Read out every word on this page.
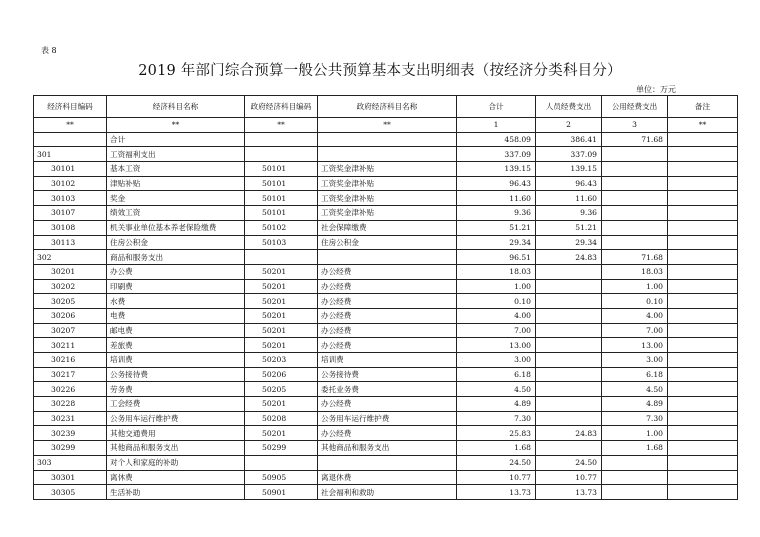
表 8
2019 年部门综合预算一般公共预算基本支出明细表（按经济分类科目分）
单位：万元
经济科目编码	经济科目名称	政府经济科目编码	政府经济科目名称	合计	人员经费支出	公用经费支出	备注
**	**	**	**	1	2	3	**
	合计			458.09	386.41	71.68	
301	工资福利支出			337.09	337.09		
30101	基本工资	50101	工资奖金津补贴	139.15	139.15		
30102	津贴补贴	50101	工资奖金津补贴	96.43	96.43		
30103	奖金	50101	工资奖金津补贴	11.60	11.60		
30107	绩效工资	50101	工资奖金津补贴	9.36	9.36		
30108	机关事业单位基本养老保险缴费	50102	社会保障缴费	51.21	51.21		
30113	住房公积金	50103	住房公积金	29.34	29.34		
302	商品和服务支出			96.51	24.83	71.68	
30201	办公费	50201	办公经费	18.03		18.03	
30202	印刷费	50201	办公经费	1.00		1.00	
30205	水费	50201	办公经费	0.10		0.10	
30206	电费	50201	办公经费	4.00		4.00	
30207	邮电费	50201	办公经费	7.00		7.00	
30211	差旅费	50201	办公经费	13.00		13.00	
30216	培训费	50203	培训费	3.00		3.00	
30217	公务接待费	50206	公务接待费	6.18		6.18	
30226	劳务费	50205	委托业务费	4.50		4.50	
30228	工会经费	50201	办公经费	4.89		4.89	
30231	公务用车运行维护费	50208	公务用车运行维护费	7.30		7.30	
30239	其他交通费用	50201	办公经费	25.83	24.83	1.00	
30299	其他商品和服务支出	50299	其他商品和服务支出	1.68		1.68	
303	对个人和家庭的补助			24.50	24.50		
30301	离休费	50905	离退休费	10.77	10.77		
30305	生活补助	50901	社会福利和救助	13.73	13.73		
